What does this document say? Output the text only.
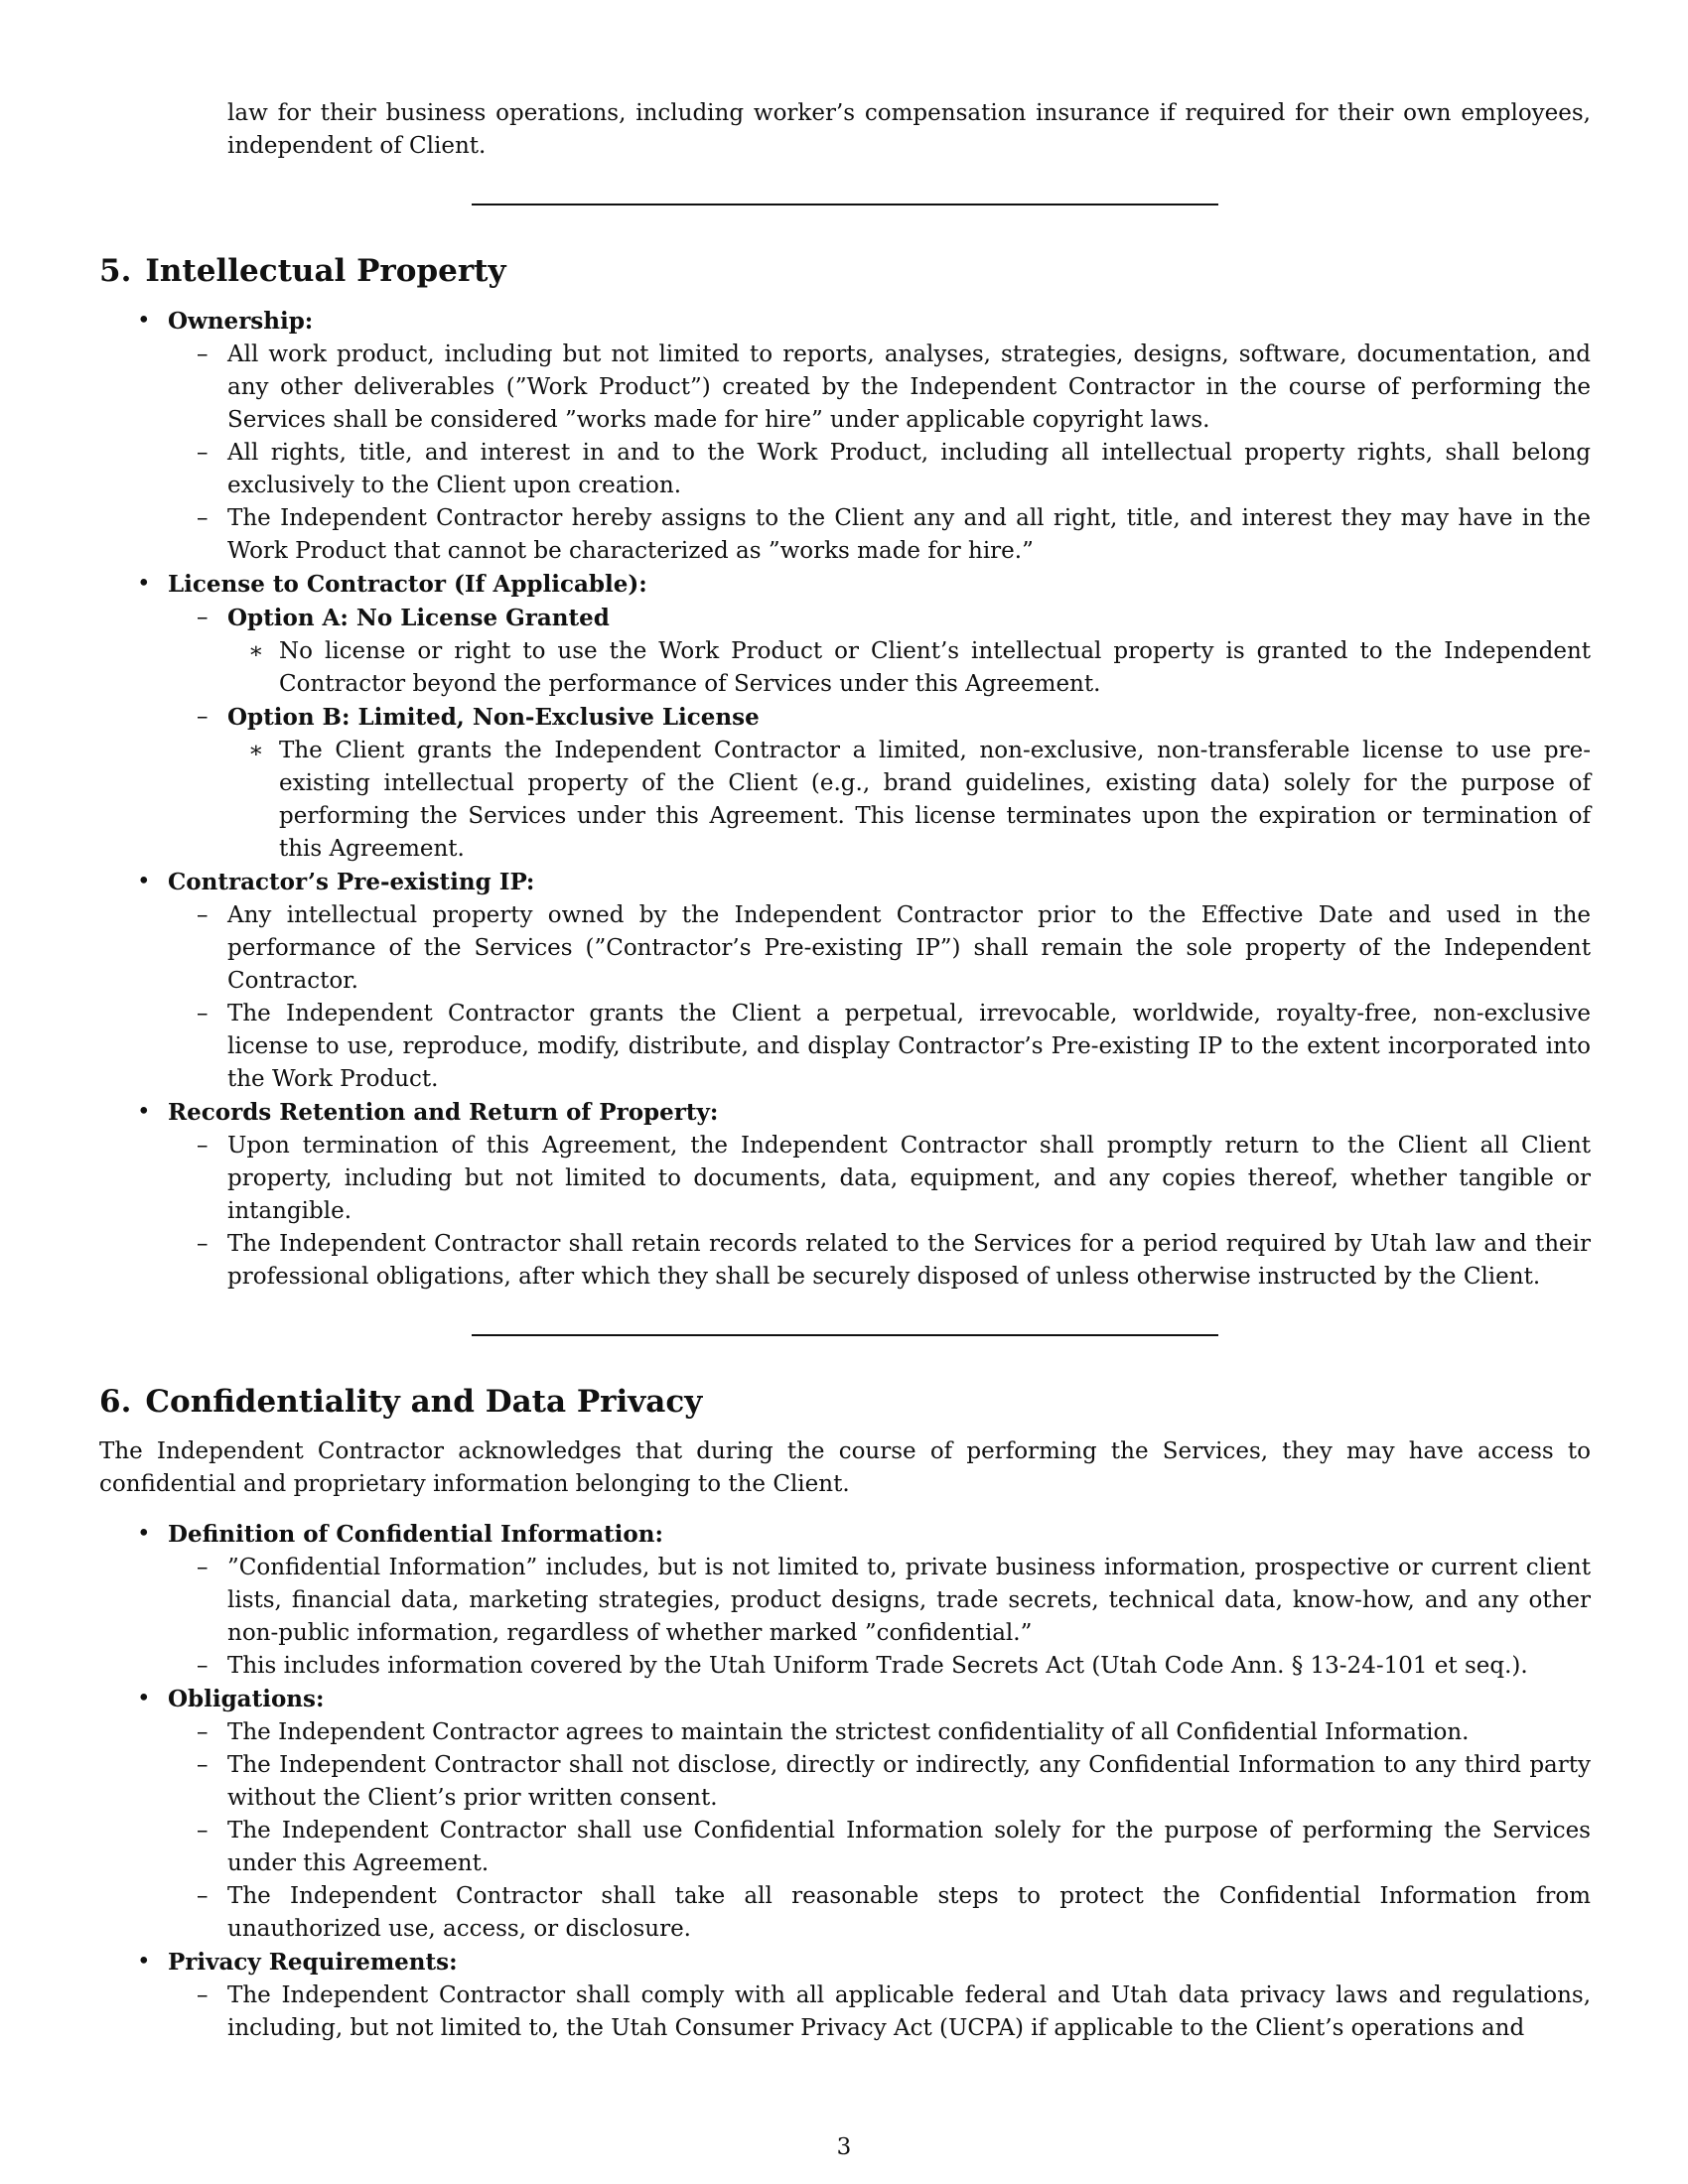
law for their business operations, including worker’s compensation insurance if required for their own employees, independent of Client.

5. Intellectual Property
• Ownership:
– All work product, including but not limited to reports, analyses, strategies, designs, software, documentation, and any other deliverables (”Work Product”) created by the Independent Contractor in the course of performing the Services shall be considered ”works made for hire” under applicable copyright laws.

– All rights, title, and interest in and to the Work Product, including all intellectual property rights, shall belong exclusively to the Client upon creation.

– The Independent Contractor hereby assigns to the Client any and all right, title, and interest they may have in the Work Product that cannot be characterized as ”works made for hire.”

• License to Contractor (If Applicable):
– Option A: No License Granted
∗ No license or right to use the Work Product or Client’s intellectual property is granted to the Independent Contractor beyond the performance of Services under this Agreement.

– Option B: Limited, Non-Exclusive License
∗ The Client grants the Independent Contractor a limited, non-exclusive, non-transferable license to use pre-existing intellectual property of the Client (e.g., brand guidelines, existing data) solely for the purpose of performing the Services under this Agreement. This license terminates upon the expiration or termination of this Agreement.

• Contractor’s Pre-existing IP:
– Any intellectual property owned by the Independent Contractor prior to the Effective Date and used in the performance of the Services (”Contractor’s Pre-existing IP”) shall remain the sole property of the Independent Contractor.

– The Independent Contractor grants the Client a perpetual, irrevocable, worldwide, royalty-free, non-exclusive license to use, reproduce, modify, distribute, and display Contractor’s Pre-existing IP to the extent incorporated into the Work Product.

• Records Retention and Return of Property:
– Upon termination of this Agreement, the Independent Contractor shall promptly return to the Client all Client property, including but not limited to documents, data, equipment, and any copies thereof, whether tangible or intangible.

– The Independent Contractor shall retain records related to the Services for a period required by Utah law and their professional obligations, after which they shall be securely disposed of unless otherwise instructed by the Client.

6. Confidentiality and Data Privacy

The Independent Contractor acknowledges that during the course of performing the Services, they may have access to confidential and proprietary information belonging to the Client.

• Definition of Confidential Information:
– ”Confidential Information” includes, but is not limited to, private business information, prospective or current client lists, financial data, marketing strategies, product designs, trade secrets, technical data, know-how, and any other non-public information, regardless of whether marked ”confidential.”

– This includes information covered by the Utah Uniform Trade Secrets Act (Utah Code Ann. § 13-24-101 et seq.).

• Obligations:
– The Independent Contractor agrees to maintain the strictest confidentiality of all Confidential Information.

– The Independent Contractor shall not disclose, directly or indirectly, any Confidential Information to any third party without the Client’s prior written consent.

– The Independent Contractor shall use Confidential Information solely for the purpose of performing the Services under this Agreement.

– The Independent Contractor shall take all reasonable steps to protect the Confidential Information from unauthorized use, access, or disclosure.

• Privacy Requirements:
– The Independent Contractor shall comply with all applicable federal and Utah data privacy laws and regulations, including, but not limited to, the Utah Consumer Privacy Act (UCPA) if applicable to the Client’s operations and

3
